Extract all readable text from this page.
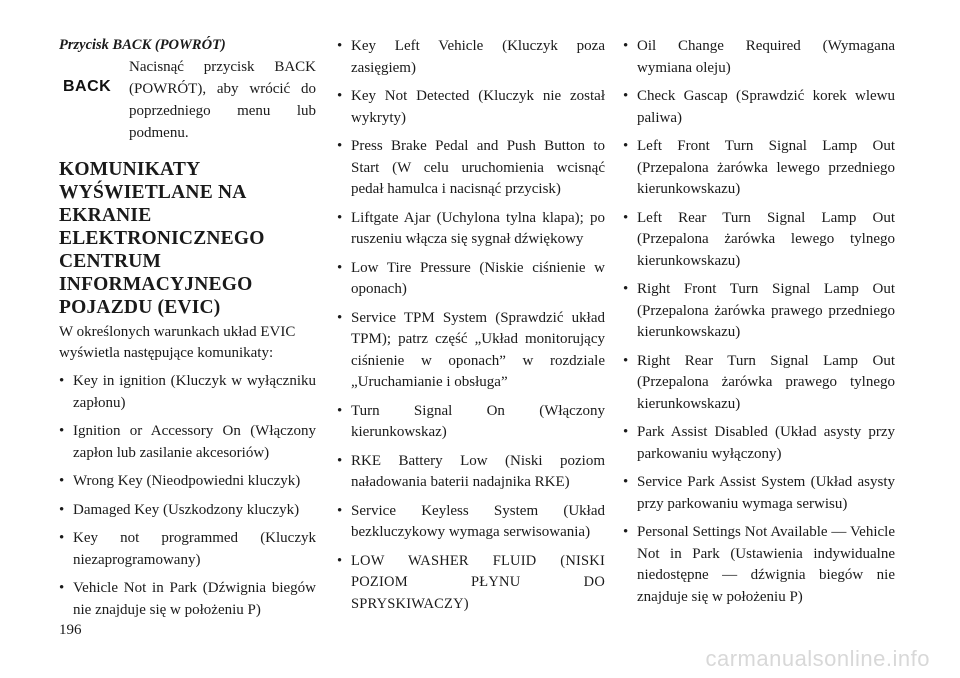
Przycisk BACK (POWRÓT)
BACK
Nacisnąć przycisk BACK (POWRÓT), aby wrócić do poprzedniego menu lub podmenu.
KOMUNIKATY
WYŚWIETLANE NA
EKRANIE
ELEKTRONICZNEGO
CENTRUM
INFORMACYJNEGO
POJAZDU (EVIC)
W określonych warunkach układ EVIC wyświetla następujące komunikaty:
• Key in ignition (Kluczyk w wyłączniku zapłonu)
• Ignition or Accessory On (Włączony zapłon lub zasilanie akcesoriów)
• Wrong Key (Nieodpowiedni kluczyk)
• Damaged Key (Uszkodzony kluczyk)
• Key not programmed (Kluczyk niezaprogramowany)
• Vehicle Not in Park (Dźwignia biegów nie znajduje się w położeniu P)
• Key Left Vehicle (Kluczyk poza zasięgiem)
• Key Not Detected (Kluczyk nie został wykryty)
• Press Brake Pedal and Push Button to Start (W celu uruchomienia wcisnąć pedał hamulca i nacisnąć przycisk)
• Liftgate Ajar (Uchylona tylna klapa); po ruszeniu włącza się sygnał dźwiękowy
• Low Tire Pressure (Niskie ciśnienie w oponach)
• Service TPM System (Sprawdzić układ TPM); patrz część „Układ monitorujący ciśnienie w oponach” w rozdziale „Uruchamianie i obsługa”
• Turn Signal On (Włączony kierunkowskaz)
• RKE Battery Low (Niski poziom naładowania baterii nadajnika RKE)
• Service Keyless System (Układ bezkluczykowy wymaga serwisowania)
• LOW WASHER FLUID (NISKI POZIOM PŁYNU DO SPRYSKIWACZY)
• Oil Change Required (Wymagana wymiana oleju)
• Check Gascap (Sprawdzić korek wlewu paliwa)
• Left Front Turn Signal Lamp Out (Przepalona żarówka lewego przedniego kierunkowskazu)
• Left Rear Turn Signal Lamp Out (Przepalona żarówka lewego tylnego kierunkowskazu)
• Right Front Turn Signal Lamp Out (Przepalona żarówka prawego przedniego kierunkowskazu)
• Right Rear Turn Signal Lamp Out (Przepalona żarówka prawego tylnego kierunkowskazu)
• Park Assist Disabled (Układ asysty przy parkowaniu wyłączony)
• Service Park Assist System (Układ asysty przy parkowaniu wymaga serwisu)
• Personal Settings Not Available — Vehicle Not in Park (Ustawienia indywidualne niedostępne — dźwignia biegów nie znajduje się w położeniu P)
196
carmanualsonline.info
